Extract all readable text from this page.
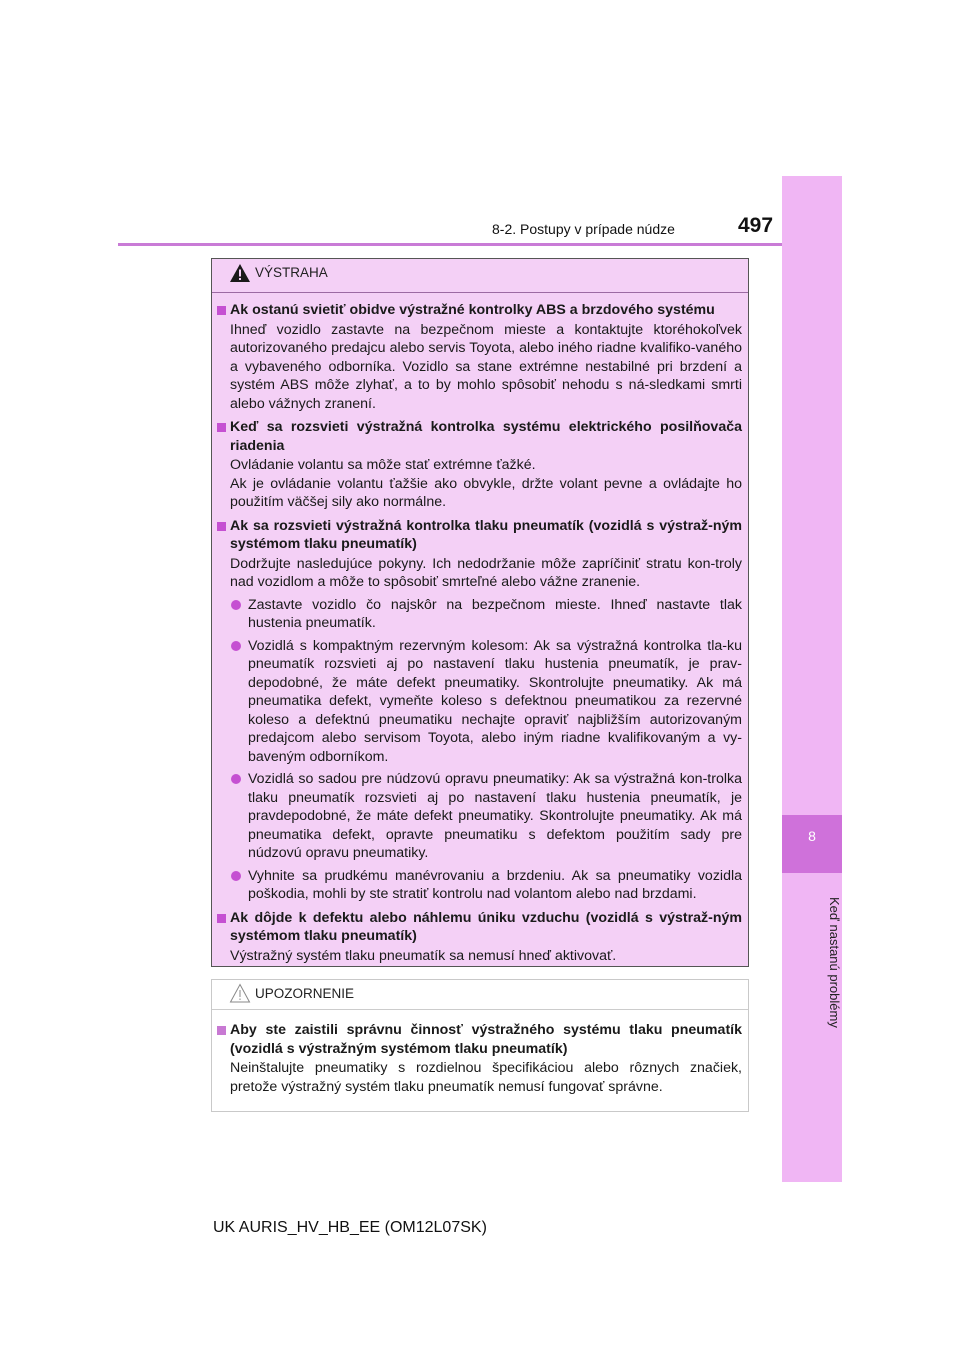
8-2. Postupy v prípade núdze	497
8
Keď nastanú problémy
VÝSTRAHA
Ak ostanú svietiť obidve výstražné kontrolky ABS a brzdového systému
Ihneď vozidlo zastavte na bezpečnom mieste a kontaktujte ktoréhokoľvek autorizovaného predajcu alebo servis Toyota, alebo iného riadne kvalifiko-vaného a vybaveného odborníka. Vozidlo sa stane extrémne nestabilné pri brzdení a systém ABS môže zlyhať, a to by mohlo spôsobiť nehodu s ná-sledkami smrti alebo vážnych zranení.
Keď sa rozsvieti výstražná kontrolka systému elektrického posilňovača riadenia
Ovládanie volantu sa môže stať extrémne ťažké.
Ak je ovládanie volantu ťažšie ako obvykle, držte volant pevne a ovládajte ho použitím väčšej sily ako normálne.
Ak sa rozsvieti výstražná kontrolka tlaku pneumatík (vozidlá s výstraž-ným systémom tlaku pneumatík)
Dodržujte nasledujúce pokyny. Ich nedodržanie môže zapríčiniť stratu kon-troly nad vozidlom a môže to spôsobiť smrteľné alebo vážne zranenie.
Zastavte vozidlo čo najskôr na bezpečnom mieste. Ihneď nastavte tlak hustenia pneumatík.
Vozidlá s kompaktným rezervným kolesom: Ak sa výstražná kontrolka tla-ku pneumatík rozsvieti aj po nastavení tlaku hustenia pneumatík, je prav-depodobné, že máte defekt pneumatiky. Skontrolujte pneumatiky. Ak má pneumatika defekt, vymeňte koleso s defektnou pneumatikou za rezervné koleso a defektnú pneumatiku nechajte opraviť najbližším autorizovaným predajcom alebo servisom Toyota, alebo iným riadne kvalifikovaným a vy-baveným odborníkom.
Vozidlá so sadou pre núdzovú opravu pneumatiky: Ak sa výstražná kon-trolka tlaku pneumatík rozsvieti aj po nastavení tlaku hustenia pneumatík, je pravdepodobné, že máte defekt pneumatiky. Skontrolujte pneumatiky. Ak má pneumatika defekt, opravte pneumatiku s defektom použitím sady pre núdzovú opravu pneumatiky.
Vyhnite sa prudkému manévrovaniu a brzdeniu. Ak sa pneumatiky vozidla poškodia, mohli by ste stratiť kontrolu nad volantom alebo nad brzdami.
Ak dôjde k defektu alebo náhlemu úniku vzduchu (vozidlá s výstraž-ným systémom tlaku pneumatík)
Výstražný systém tlaku pneumatík sa nemusí hneď aktivovať.
UPOZORNENIE
Aby ste zaistili správnu činnosť výstražného systému tlaku pneumatík (vozidlá s výstražným systémom tlaku pneumatík)
Neinštalujte pneumatiky s rozdielnou špecifikáciou alebo rôznych značiek, pretože výstražný systém tlaku pneumatík nemusí fungovať správne.
UK AURIS_HV_HB_EE (OM12L07SK)
